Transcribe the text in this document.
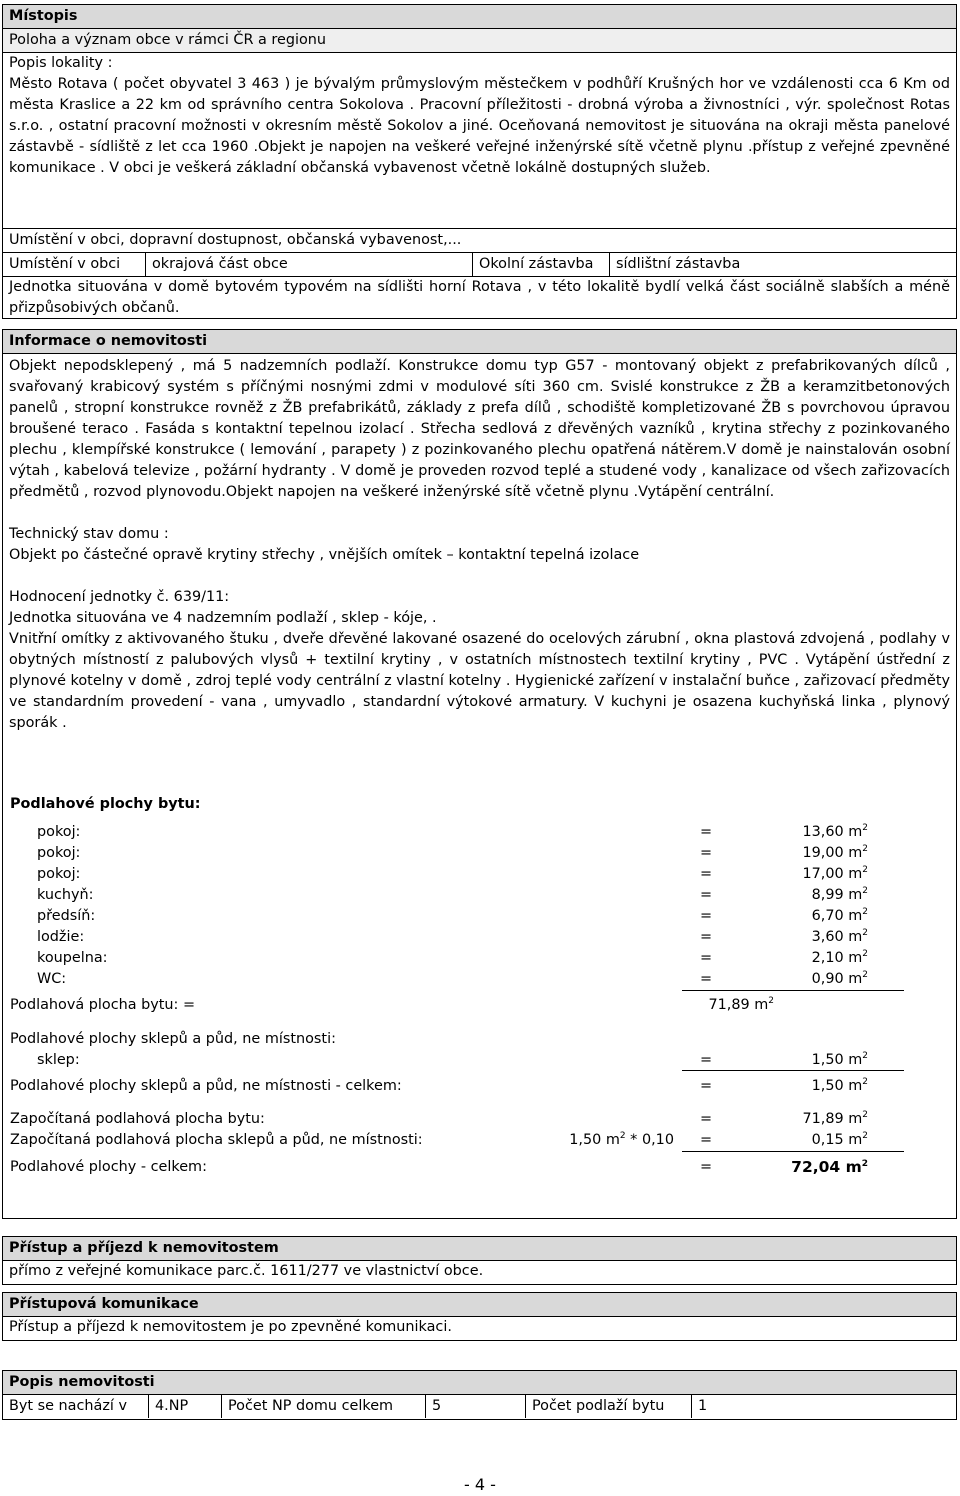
Místopis
Poloha a význam obce v rámci ČR a regionu
Popis lokality :
Město Rotava ( počet obyvatel 3 463 ) je bývalým průmyslovým městečkem v podhůří Krušných hor ve vzdálenosti cca 6 Km od města Kraslice a 22 km od správního centra Sokolova . Pracovní příležitosti - drobná výroba a živnostníci , výr. společnost Rotas s.r.o. , ostatní pracovní možnosti v okresním městě Sokolov a jiné. Oceňovaná nemovitost je situována na okraji města panelové zástavbě - sídliště z let cca 1960 .Objekt je napojen na veškeré veřejné inženýrské sítě včetně plynu .přístup z veřejné zpevněné komunikace . V obci je veškerá základní občanská vybavenost včetně lokálně dostupných služeb.
Umístění v obci, dopravní dostupnost, občanská vybavenost,...
Umístění v obci	okrajová část obce	Okolní zástavba	sídlištní zástavba
Jednotka situována v domě bytovém typovém na sídlišti horní Rotava , v této lokalitě bydlí velká část sociálně slabších a méně přizpůsobivých občanů.
Informace o nemovitosti
Objekt nepodsklepený , má 5 nadzemních podlaží. Konstrukce domu typ G57 - montovaný objekt z prefabrikovaných dílců , svařovaný krabicový systém s příčnými nosnými zdmi v modulové síti 360 cm. Svislé konstrukce z ŽB a keramzitbetonových panelů , stropní konstrukce rovněž z ŽB prefabrikátů, základy z prefa dílů , schodiště kompletizované ŽB s povrchovou úpravou broušené teraco . Fasáda s kontaktní tepelnou izolací . Střecha sedlová z dřevěných vazníků , krytina střechy z pozinkovaného plechu , klempířské konstrukce ( lemování , parapety ) z pozinkovaného plechu opatřená nátěrem.V domě je nainstalován osobní výtah , kabelová televize , požární hydranty . V domě je proveden rozvod teplé a studené vody , kanalizace od všech zařizovacích předmětů , rozvod plynovodu.Objekt napojen na veškeré inženýrské sítě včetně plynu .Vytápění centrální.
Technický stav domu :
Objekt po částečné opravě krytiny střechy , vnějších omítek – kontaktní tepelná izolace
Hodnocení jednotky č. 639/11:
Jednotka situována ve 4 nadzemním podlaží , sklep - kóje, .
Vnitřní omítky z aktivovaného štuku , dveře dřevěné lakované osazené do ocelových zárubní , okna plastová zdvojená , podlahy v obytných místností z palubových vlysů + textilní krytiny , v ostatních místnostech textilní krytiny , PVC . Vytápění ústřední z plynové kotelny v domě , zdroj teplé vody centrální z vlastní kotelny . Hygienické zařízení v instalační buňce , zařizovací předměty ve standardním provedení - vana , umyvadlo , standardní výtokové armatury. V kuchyni je osazena kuchyňská linka , plynový sporák .
Podlahové plochy bytu:
pokoj:	=	13,60 $m^2$
pokoj:	=	19,00 $m^2$
pokoj:	=	17,00 $m^2$
kuchyň:	=	8,99 $m^2$
předsíň:	=	6,70 $m^2$
lodžie:	=	3,60 $m^2$
koupelna:	=	2,10 $m^2$
WC:	=	0,90 $m^2$
Podlahová plocha bytu: =	71,89 $m^2$
Podlahové plochy sklepů a půd, ne místnosti:
sklep:	=	1,50 $m^2$
Podlahové plochy sklepů a půd, ne místnosti - celkem:	=	1,50 $m^2$
Započítaná podlahová plocha bytu:	=	71,89 $m^2$
Započítaná podlahová plocha sklepů a půd, ne místnosti:	1,50 $m^2 * 0,10$ =	0,15 $m^2$
Podlahové plochy - celkem:	=	72,04 $m^2$
Přístup a příjezd k nemovitostem
přímo z veřejné komunikace parc.č. 1611/277 ve vlastnictví obce.
Přístupová komunikace
Přístup a příjezd k nemovitostem je po zpevněné komunikaci.
Popis nemovitosti
Byt se nachází v	4.NP	Počet NP domu celkem	5	Počet podlaží bytu	1
- 4 -
